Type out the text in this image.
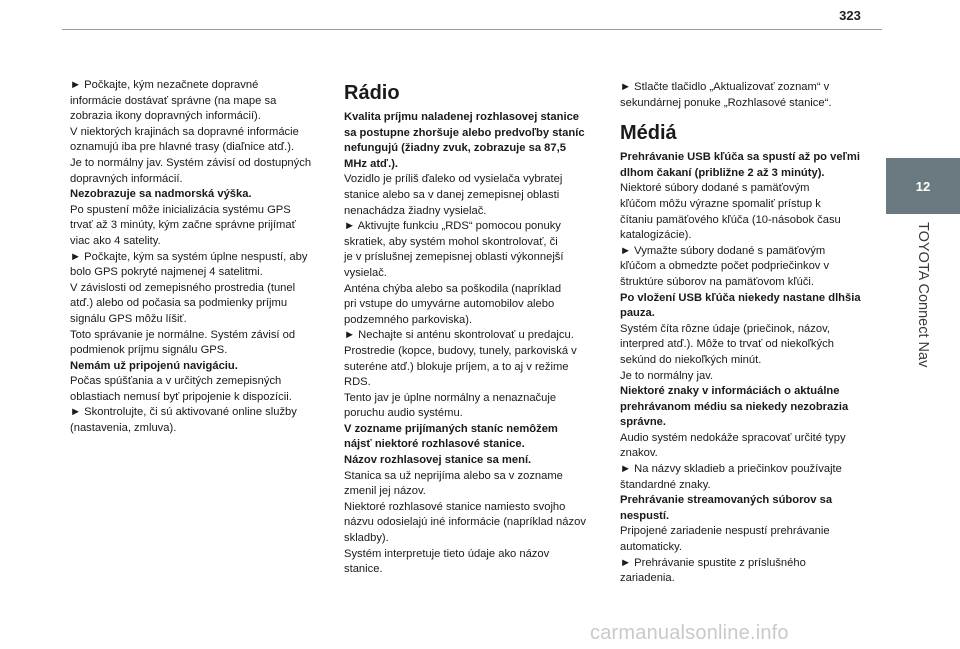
323
12
TOYOTA Connect Nav

► Počkajte, kým nezačnete dopravné

informácie dostávať správne (na mape sa

zobrazia ikony dopravných informácií).

V niektorých krajinách sa dopravné informácie

oznamujú iba pre hlavné trasy (diaľnice atď.).

Je to normálny jav. Systém závisí od dostupných

dopravných informácií.

Nezobrazuje sa nadmorská výška.

Po spustení môže inicializácia systému GPS

trvať až 3 minúty, kým začne správne prijímať

viac ako 4 satelity.

► Počkajte, kým sa systém úplne nespustí, aby

bolo GPS pokryté najmenej 4 satelitmi.

V závislosti od zemepisného prostredia (tunel

atď.) alebo od počasia sa podmienky príjmu

signálu GPS môžu líšiť.

Toto správanie je normálne. Systém závisí od

podmienok príjmu signálu GPS.

Nemám už pripojenú navigáciu.

Počas spúšťania a v určitých zemepisných

oblastiach nemusí byť pripojenie k dispozícii.

► Skontrolujte, či sú aktivované online služby

(nastavenia, zmluva).

Rádio

Kvalita príjmu naladenej rozhlasovej stanice

sa postupne zhoršuje alebo predvoľby staníc

nefungujú (žiadny zvuk, zobrazuje sa 87,5

MHz atď.).

Vozidlo je príliš ďaleko od vysielača vybratej

stanice alebo sa v danej zemepisnej oblasti

nenachádza žiadny vysielač.

► Aktivujte funkciu „RDS“ pomocou ponuky

skratiek, aby systém mohol skontrolovať, či

je v príslušnej zemepisnej oblasti výkonnejší

vysielač.

Anténa chýba alebo sa poškodila (napríklad

pri vstupe do umyvárne automobilov alebo

podzemného parkoviska).

► Nechajte si anténu skontrolovať u predajcu.

Prostredie (kopce, budovy, tunely, parkoviská v

suteréne atď.) blokuje príjem, a to aj v režime

RDS.

Tento jav je úplne normálny a nenaznačuje

poruchu audio systému.

V zozname prijímaných staníc nemôžem

nájsť niektoré rozhlasové stanice.

Názov rozhlasovej stanice sa mení.

Stanica sa už neprijíma alebo sa v zozname

zmenil jej názov.

Niektoré rozhlasové stanice namiesto svojho

názvu odosielajú iné informácie (napríklad názov

skladby).

Systém interpretuje tieto údaje ako názov

stanice.

► Stlačte tlačidlo „Aktualizovať zoznam“ v

sekundárnej ponuke „Rozhlasové stanice“.

Médiá

Prehrávanie USB kľúča sa spustí až po veľmi

dlhom čakaní (približne 2 až 3 minúty).

Niektoré súbory dodané s pamäťovým

kľúčom môžu výrazne spomaliť prístup k

čítaniu pamäťového kľúča (10-násobok času

katalogizácie).

► Vymažte súbory dodané s pamäťovým

kľúčom a obmedzte počet podpriečinkov v

štruktúre súborov na pamäťovom kľúči.

Po vložení USB kľúča niekedy nastane dlhšia

pauza.

Systém číta rôzne údaje (priečinok, názov,

interpred atď.). Môže to trvať od niekoľkých

sekúnd do niekoľkých minút.

Je to normálny jav.

Niektoré znaky v informáciách o aktuálne

prehrávanom médiu sa niekedy nezobrazia

správne.

Audio systém nedokáže spracovať určité typy

znakov.

► Na názvy skladieb a priečinkov používajte

štandardné znaky.

Prehrávanie streamovaných súborov sa

nespustí.

Pripojené zariadenie nespustí prehrávanie

automaticky.

► Prehrávanie spustite z príslušného

zariadenia.

carmanualsonline.info
